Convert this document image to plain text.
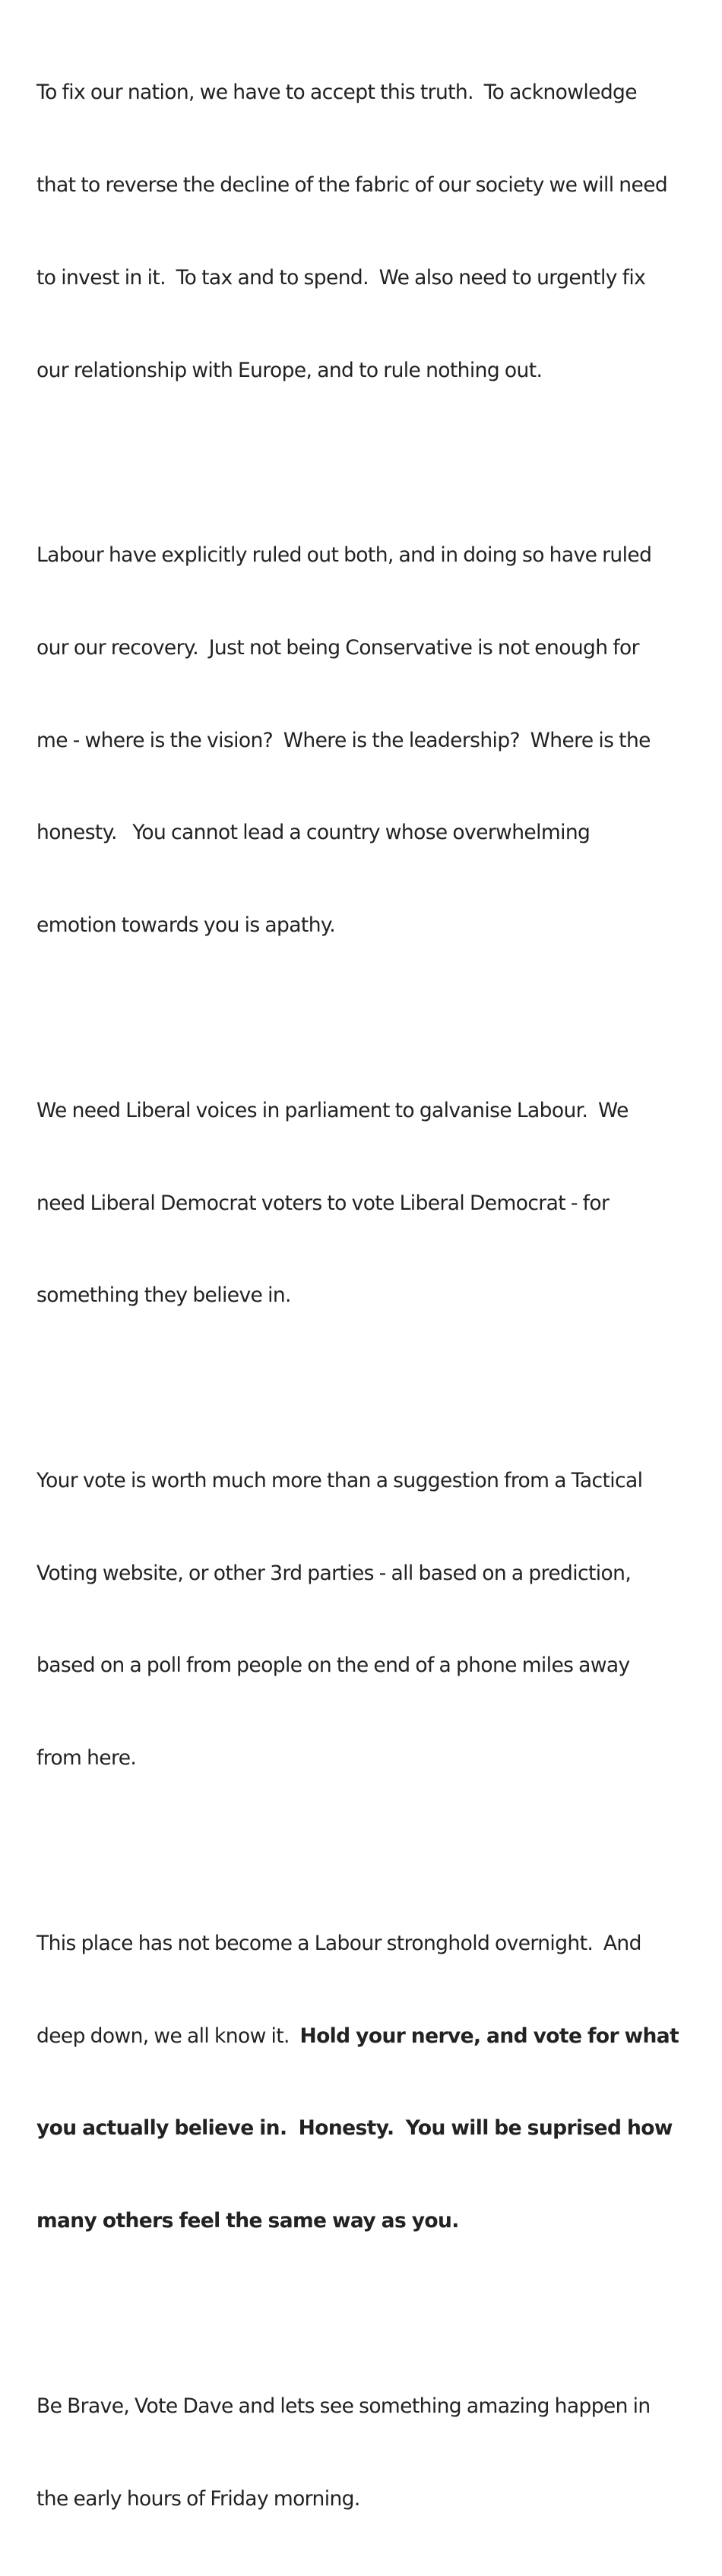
To fix our nation, we have to accept this truth.  To acknowledge

that to reverse the decline of the fabric of our society we will need

to invest in it.  To tax and to spend.  We also need to urgently fix

our relationship with Europe, and to rule nothing out.

Labour have explicitly ruled out both, and in doing so have ruled

our our recovery.  Just not being Conservative is not enough for

me - where is the vision?  Where is the leadership?  Where is the

honesty.   You cannot lead a country whose overwhelming

emotion towards you is apathy.

We need Liberal voices in parliament to galvanise Labour.  We

need Liberal Democrat voters to vote Liberal Democrat - for

something they believe in.

Your vote is worth much more than a suggestion from a Tactical

Voting website, or other 3rd parties - all based on a prediction,

based on a poll from people on the end of a phone miles away

from here.

This place has not become a Labour stronghold overnight.  And

deep down, we all know it.  Hold your nerve, and vote for what

you actually believe in.  Honesty.  You will be suprised how

many others feel the same way as you.

Be Brave, Vote Dave and lets see something amazing happen in

the early hours of Friday morning.
